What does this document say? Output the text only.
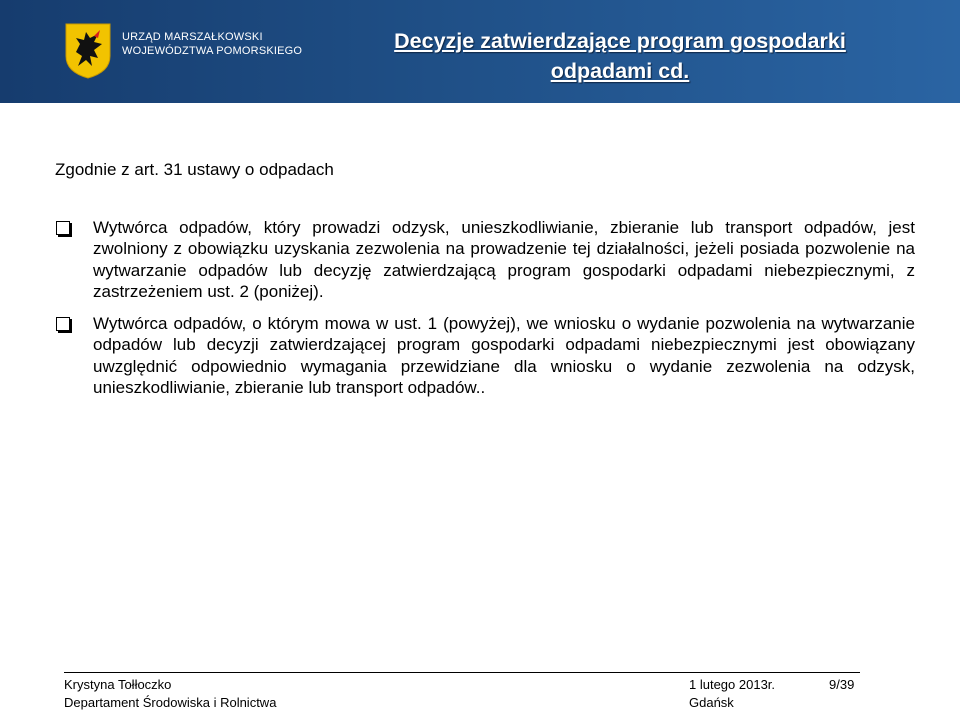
URZĄD MARSZAŁKOWSKI
WOJEWÓDZTWA POMORSKIEGO	Decyzje zatwierdzające program gospodarki
odpadami cd.

Zgodnie z art. 31 ustawy o odpadach

Wytwórca odpadów, który prowadzi odzysk, unieszkodliwianie, zbieranie lub transport odpadów, jest zwolniony z obowiązku uzyskania zezwolenia na prowadzenie tej działalności, jeżeli posiada pozwolenie na wytwarzanie odpadów lub decyzję zatwierdzającą program gospodarki odpadami niebezpiecznymi, z zastrzeżeniem ust. 2 (poniżej).

Wytwórca odpadów, o którym mowa w ust. 1 (powyżej), we wniosku o wydanie pozwolenia na wytwarzanie odpadów lub decyzji zatwierdzającej program gospodarki odpadami niebezpiecznymi jest obowiązany uwzględnić odpowiednio wymagania przewidziane dla wniosku o wydanie zezwolenia na odzysk, unieszkodliwianie, zbieranie lub transport odpadów..

Krystyna Tołłoczko
Departament Środowiska i Rolnictwa
1 lutego 2013r.
Gdańsk
9/39
